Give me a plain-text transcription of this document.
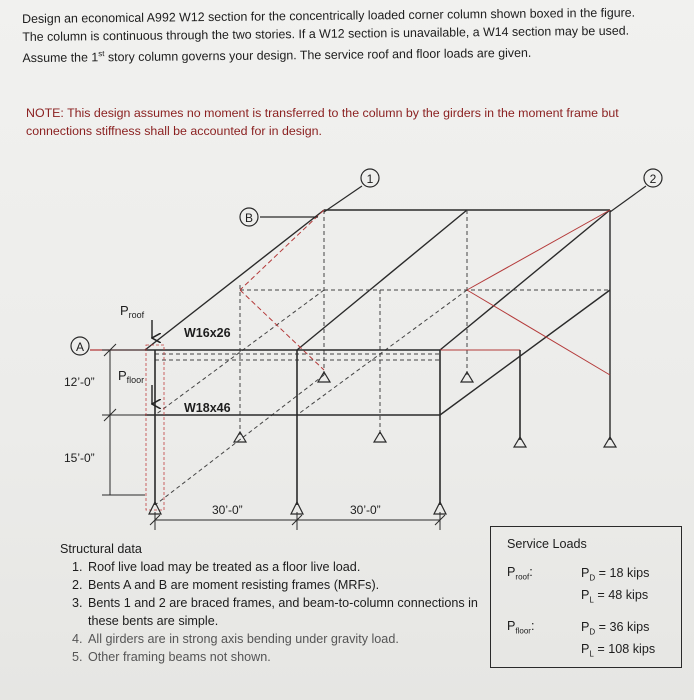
Design an economical A992 W12 section for the concentrically loaded corner column shown boxed in the figure.

The column is continuous through the two stories. If a W12 section is unavailable, a W14 section may be used.

Assume the 1st story column governs your design. The service roof and floor loads are given.

NOTE: This design assumes no moment is transferred to the column by the girders in the moment frame but

connections stiffness shall be accounted for in design.

1	2
B
A
$P_{roof}$
$P_{floor}$
W16x26
W18x46
12’-0”
15’-0”
30’-0”	30’-0”
Structural data
1. Roof live load may be treated as a floor live load.
2. Bents A and B are moment resisting frames (MRFs).
3. Bents 1 and 2 are braced frames, and beam-to-column connections in these bents are simple.
4. All girders are in strong axis bending under gravity load.
5. Other framing beams not shown.
Service Loads
$P_{roof}$:	$P_D = 18$ kips
$P_L = 48$ kips
$P_{floor}$:	$P_D = 36$ kips
$P_L = 108$ kips
